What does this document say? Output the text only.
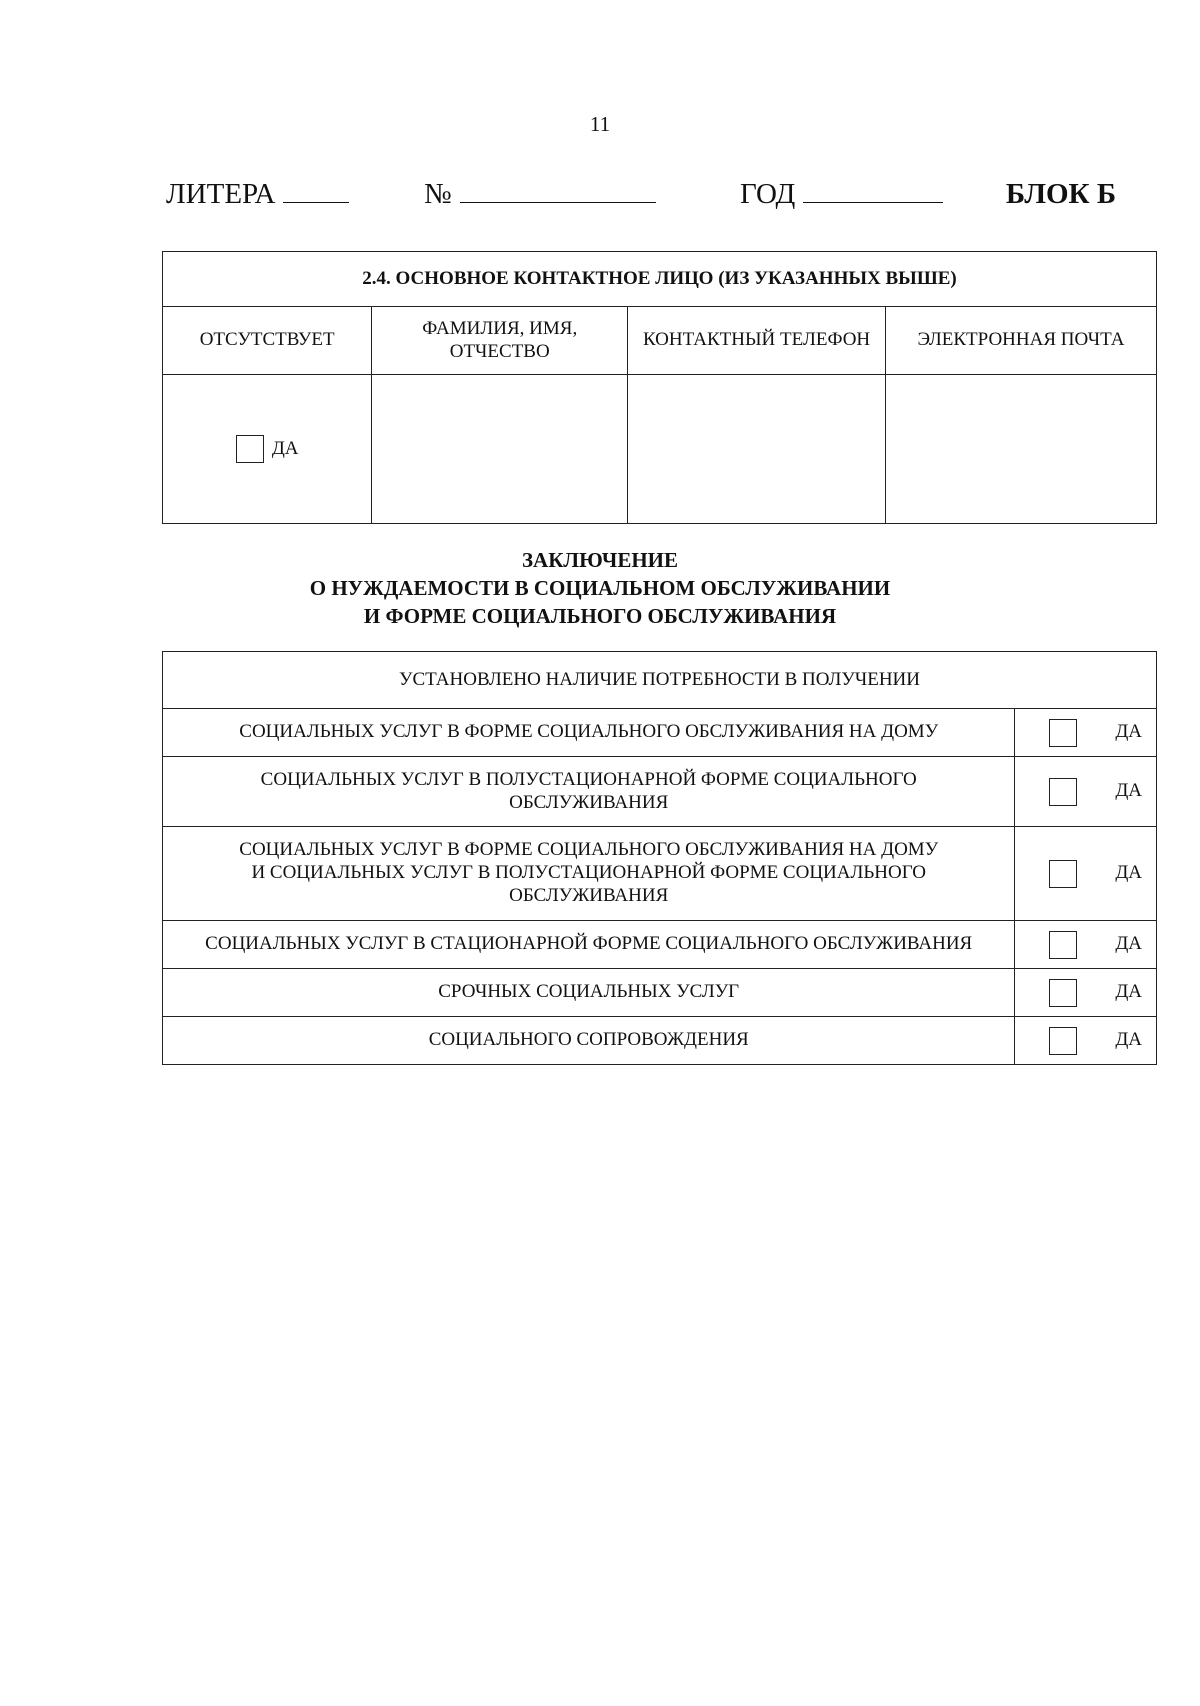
11
ЛИТЕРА	№	ГОД	БЛОК Б
2.4. ОСНОВНОЕ КОНТАКТНОЕ ЛИЦО (ИЗ УКАЗАННЫХ ВЫШЕ)			
ОТСУТСТВУЕТ	ФАМИЛИЯ, ИМЯ, ОТЧЕСТВО	КОНТАКТНЫЙ ТЕЛЕФОН	ЭЛЕКТРОННАЯ ПОЧТА
ДА			
ЗАКЛЮЧЕНИЕ
О НУЖДАЕМОСТИ В СОЦИАЛЬНОМ ОБСЛУЖИВАНИИ
И ФОРМЕ СОЦИАЛЬНОГО ОБСЛУЖИВАНИЯ
УСТАНОВЛЕНО НАЛИЧИЕ ПОТРЕБНОСТИ В ПОЛУЧЕНИИ	

СОЦИАЛЬНЫХ УСЛУГ В ФОРМЕ СОЦИАЛЬНОГО ОБСЛУЖИВАНИЯ НА ДОМУ	ДА

СОЦИАЛЬНЫХ УСЛУГ В ПОЛУСТАЦИОНАРНОЙ ФОРМЕ СОЦИАЛЬНОГО
ОБСЛУЖИВАНИЯ	ДА

СОЦИАЛЬНЫХ УСЛУГ В ФОРМЕ СОЦИАЛЬНОГО ОБСЛУЖИВАНИЯ НА ДОМУ
И СОЦИАЛЬНЫХ УСЛУГ В ПОЛУСТАЦИОНАРНОЙ ФОРМЕ СОЦИАЛЬНОГО
ОБСЛУЖИВАНИЯ	ДА

СОЦИАЛЬНЫХ УСЛУГ В СТАЦИОНАРНОЙ ФОРМЕ СОЦИАЛЬНОГО ОБСЛУЖИВАНИЯ	ДА

СРОЧНЫХ СОЦИАЛЬНЫХ УСЛУГ	ДА

СОЦИАЛЬНОГО СОПРОВОЖДЕНИЯ	ДА
